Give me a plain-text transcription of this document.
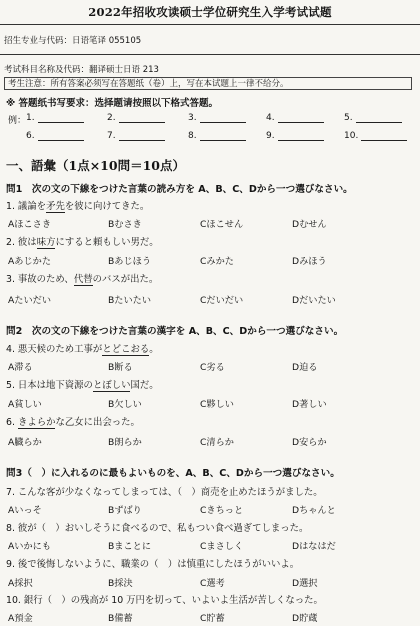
2022年招收攻读硕士学位研究生入学考试试题
招生专业与代码：日语笔译 055105
考试科目名称及代码：翻译硕士日语 213
考生注意：所有答案必须写在答题纸（卷）上，写在本试题上一律不给分。
※ 答题纸书写要求：选择题请按照以下格式答题。
例： 1.	2.	3.	4.	5.
6.	7.	8.	9.	10.
一、語彙（1点×10問＝10点）
問1　次の文の下線をつけた言葉の読み方を A、B、C、Dから一つ選びなさい。
1. 議論を矛先を彼に向けてきた。
Aほこさき	Bむさき	Cほこせん	Dむせん
2. 彼は味方にすると頼もしい男だ。
Aあじかた	Bあじほう	Cみかた	Dみほう
3. 事故のため、代替のバスが出た。
Aたいだい	Bたいたい	Cだいだい	Dだいたい
問2　次の文の下線をつけた言葉の漢字を A、B、C、Dから一つ選びなさい。
4. 悪天候のため工事がとどこおる。
A滞る	B断る	C劣る	D迫る
5. 日本は地下資源のとぼしい国だ。
A貧しい	B欠しい	C夥しい	D著しい
6. きよらかな乙女に出会った。
A臓らか	B朗らか	C清らか	D安らか
問3（　）に入れるのに最もよいものを、A、B、C、Dから一つ選びなさい。
7. こんな客が少なくなってしまっては、（　）商売を止めたほうがました。
Aいっそ	Bずばり	Cきちっと	Dちゃんと
8. 彼が（　）おいしそうに食べるので、私もつい食べ過ぎてしまった。
Aいかにも	Bまことに	Cまさしく	Dはなはだ
9. 後で後悔しないように、職業の（　）は慎重にしたほうがいいよ。
A採択	B採決	C選考	D選択
10. 銀行（　）の残高が 10 万円を切って、いよいよ生活が苦しくなった。
A預金	B備蓄	C貯蓄	D貯蔵
